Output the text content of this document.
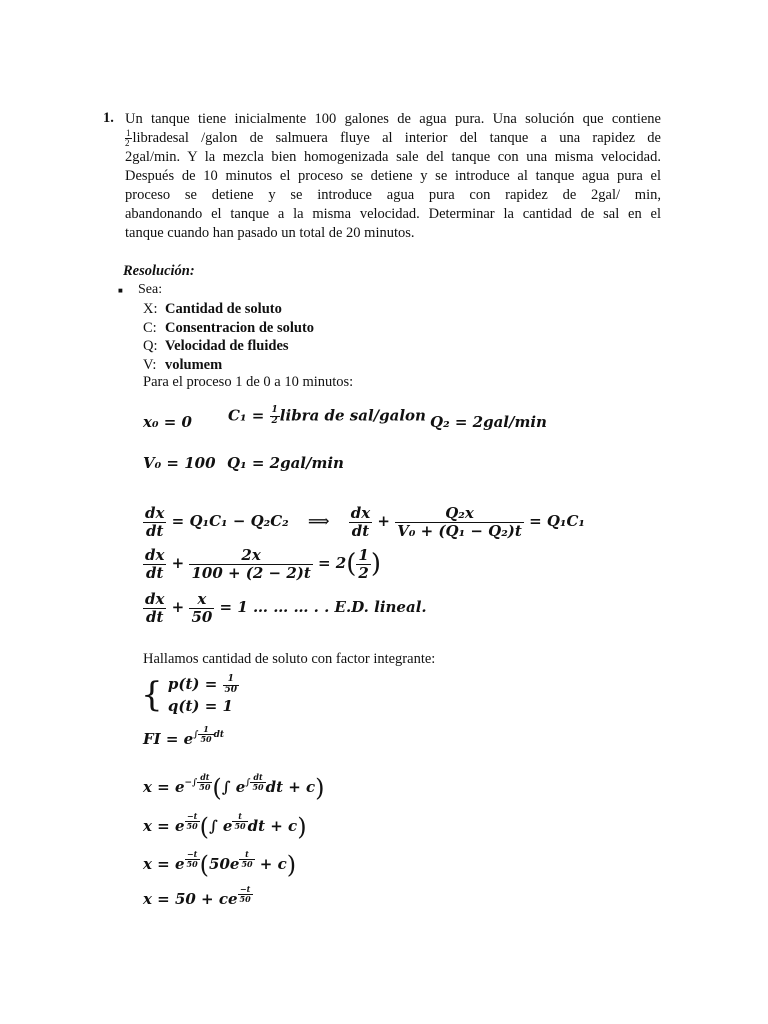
1. Un tanque tiene inicialmente 100 galones de agua pura. Una solución que contiene
$\frac{1}{2}$ libradesal /galon de salmuera fluye al interior del tanque a una rapidez de
2gal/min. Y la mezcla bien homogenizada sale del tanque con una misma velocidad.
Después de 10 minutos el proceso se detiene y se introduce al tanque agua pura el
proceso se detiene y se introduce agua pura con rapidez de 2gal/ min,
abandonando el tanque a la misma velocidad. Determinar la cantidad de sal en el
tanque cuando han pasado un total de 20 minutos.
Resolución:
■ Sea:
X: Cantidad de soluto
C: Consentracion de soluto
Q: Velocidad de fluides
V: volumem
Para el proceso 1 de 0 a 10 minutos:
x₀ = 0 $C_1 = \frac{1}{2}$ libra de sal/galon Q₂ = 2gal/min
V₀ = 100 Q₁ = 2gal/min
$\frac{dx}{dt} = Q_1C_1 - Q_2C_2$ ⟹ $\frac{dx}{dt} + \frac{\text{Q₂x}}{\text{V₀ + (Q₁ − Q₂)t}} = Q_1C_1$
$\frac{dx}{dt} + \frac{2x}{100 + (2 - 2)t} = 2( \frac{1}{2}$ )
$\frac{dx}{dt} + \frac{x}{50} = 1$ … … … . . E.D. lineal.
Hallamos cantidad de soluto con factor integrante:
{ $p(t) = \frac{1}{50}$
q(t) = 1
FI = $e^{\int \frac{1}{50} dt}$
$x = e^{-\int \frac{dt}{50}}$ (∫ $e^{\int \frac{dt}{50}}$ dt + c)
x = e $^{\frac{-t}{50}}$ (∫ e $^{\frac{t}{50}}$ dt + c)
x = e $^{\frac{-t}{50}}$ (50e $^{\frac{t}{50}}$ + c)
x = 50 + ce $^{\frac{-t}{50}}$
